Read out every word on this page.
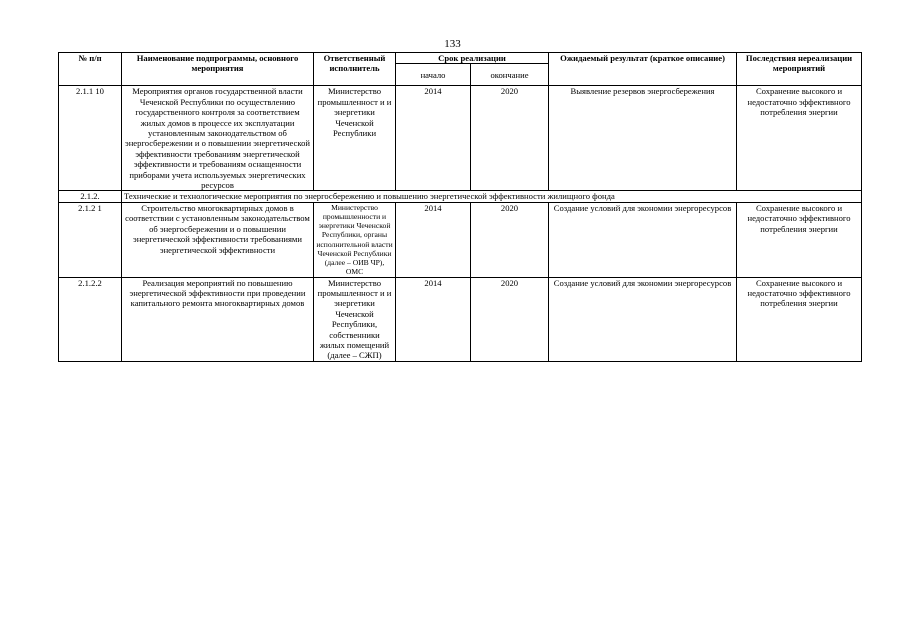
133
№ п/п	Наименование подпрограммы, основного мероприятия	Ответственный исполнитель	Срок реализации		Ожидаемый результат (краткое описание)	Последствия нереализации мероприятий
			начало	окончание		
2.1.1 10	Мероприятия органов государственной власти Чеченской Республики по осуществлению государственного контроля за соответствием жилых домов в процессе их эксплуатации установленным законодательством об энергосбережении и о повышении энергетической эффективности требованиям энергетической эффективности и требованиям оснащенности приборами учета используемых энергетических ресурсов	Министерство промышленност и и энергетики Чеченской Республики	2014	2020	Выявление резервов энергосбережения	Сохранение высокого и недостаточно эффективного потребления энергии
2.1.2.	Технические и технологические мероприятия по энергосбережению и повышению энергетической эффективности жилищного фонда					
2.1.2 1	Строительство многоквартирных домов в соответствии с установленным законодательством об энергосбережении и о повышении энергетической эффективности требованиями энергетической эффективности	Министерство промышленности и энергетики Чеченской Республики, органы исполнительной власти Чеченской Республики (далее – ОИВ ЧР), ОМС	2014	2020	Создание условий для экономии энергоресурсов	Сохранение высокого и недостаточно эффективного потребления энергии
2.1.2.2	Реализация мероприятий по повышению энергетической эффективности при проведении капитального ремонта многоквартирных домов	Министерство промышленност и и энергетики Чеченской Республики, собственники жилых помещений (далее – СЖП)	2014	2020	Создание условий для экономии энергоресурсов	Сохранение высокого и недостаточно эффективного потребления энергии
